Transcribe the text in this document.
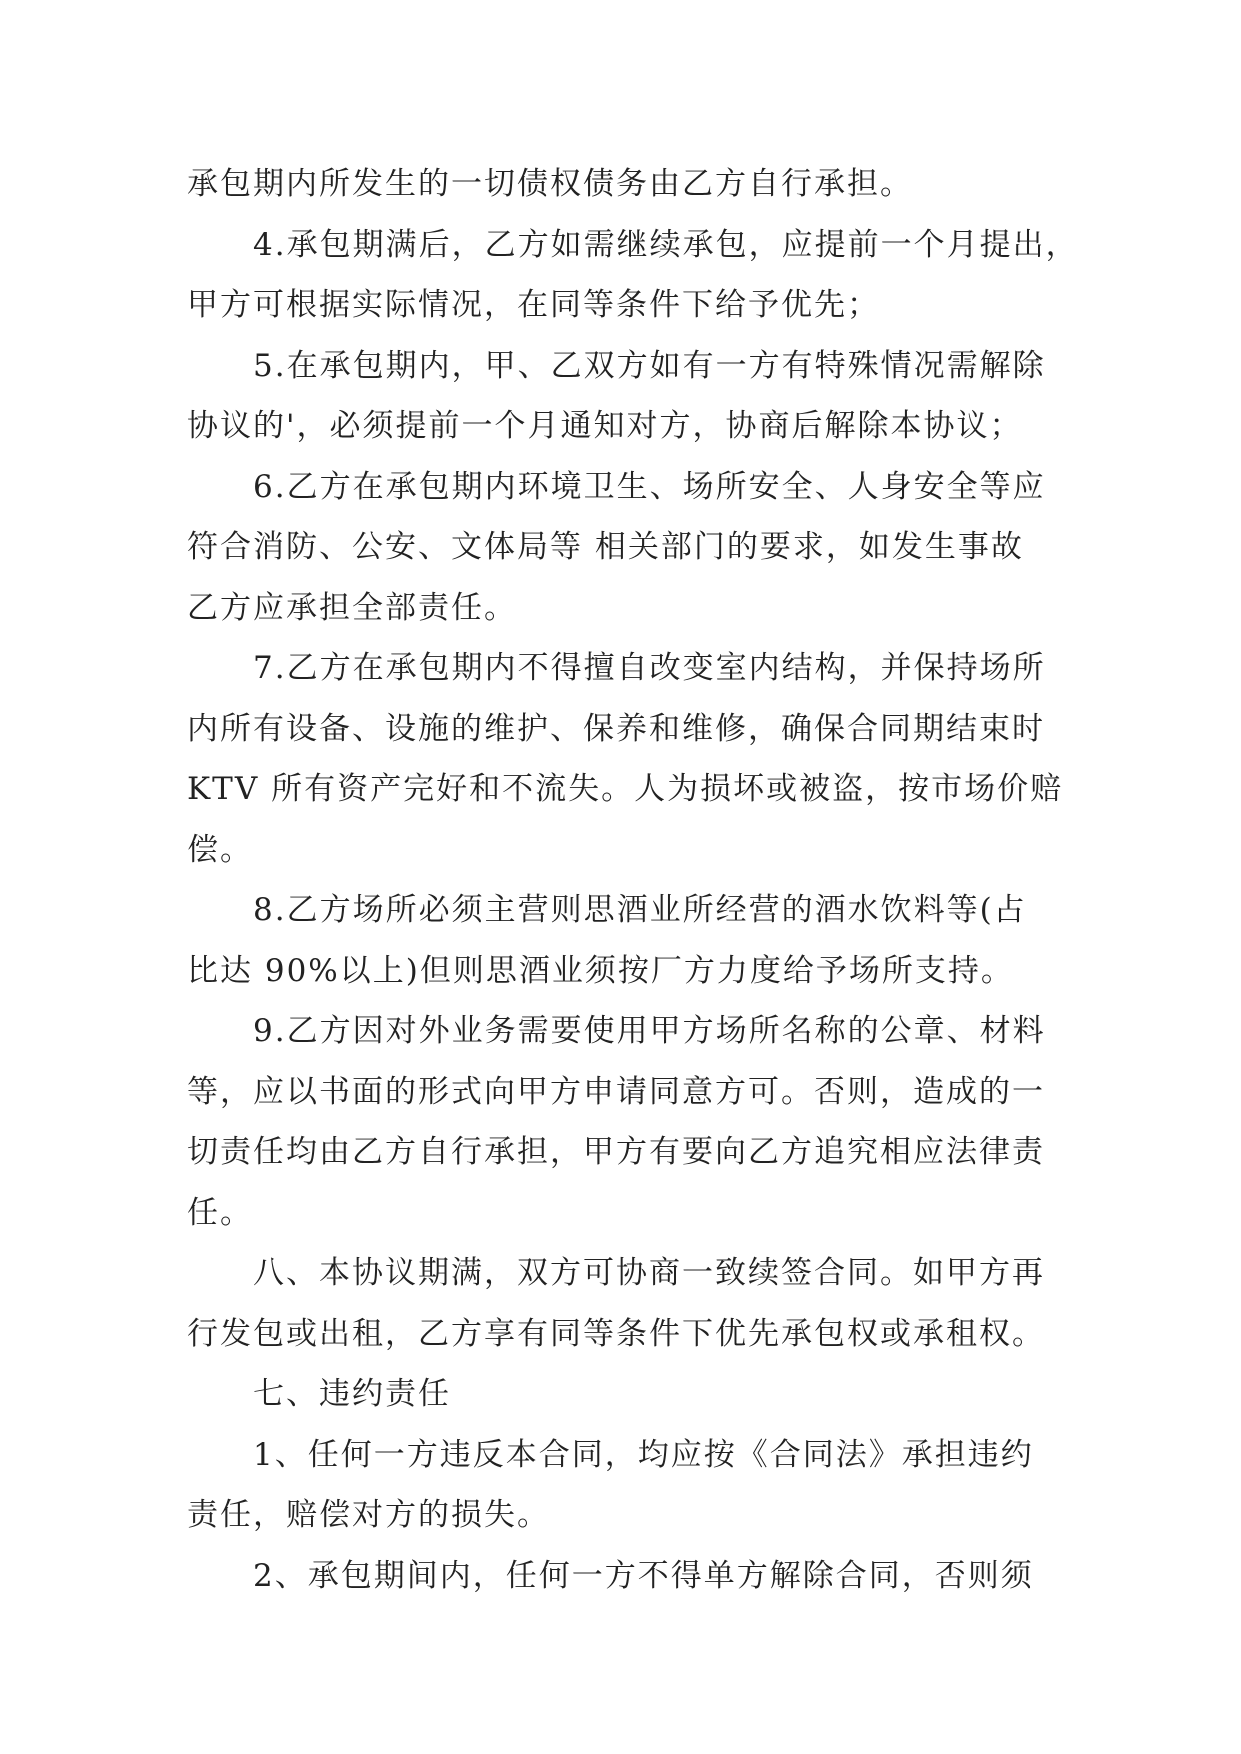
承包期内所发生的一切债权债务由乙方自行承担。
4.承包期满后，乙方如需继续承包，应提前一个月提出，
甲方可根据实际情况，在同等条件下给予优先；
5.在承包期内，甲、乙双方如有一方有特殊情况需解除
协议的'，必须提前一个月通知对方，协商后解除本协议；
6.乙方在承包期内环境卫生、场所安全、人身安全等应
符合消防、公安、文体局等 相关部门的要求，如发生事故
乙方应承担全部责任。
7.乙方在承包期内不得擅自改变室内结构，并保持场所
内所有设备、设施的维护、保养和维修，确保合同期结束时
KTV 所有资产完好和不流失。人为损坏或被盗，按市场价赔
偿。
8.乙方场所必须主营则思酒业所经营的酒水饮料等(占
比达 90%以上)但则思酒业须按厂方力度给予场所支持。
9.乙方因对外业务需要使用甲方场所名称的公章、材料
等，应以书面的形式向甲方申请同意方可。否则，造成的一
切责任均由乙方自行承担，甲方有要向乙方追究相应法律责
任。
八、本协议期满，双方可协商一致续签合同。如甲方再
行发包或出租，乙方享有同等条件下优先承包权或承租权。
七、违约责任
1、任何一方违反本合同，均应按《合同法》承担违约
责任，赔偿对方的损失。
2、承包期间内，任何一方不得单方解除合同，否则须
